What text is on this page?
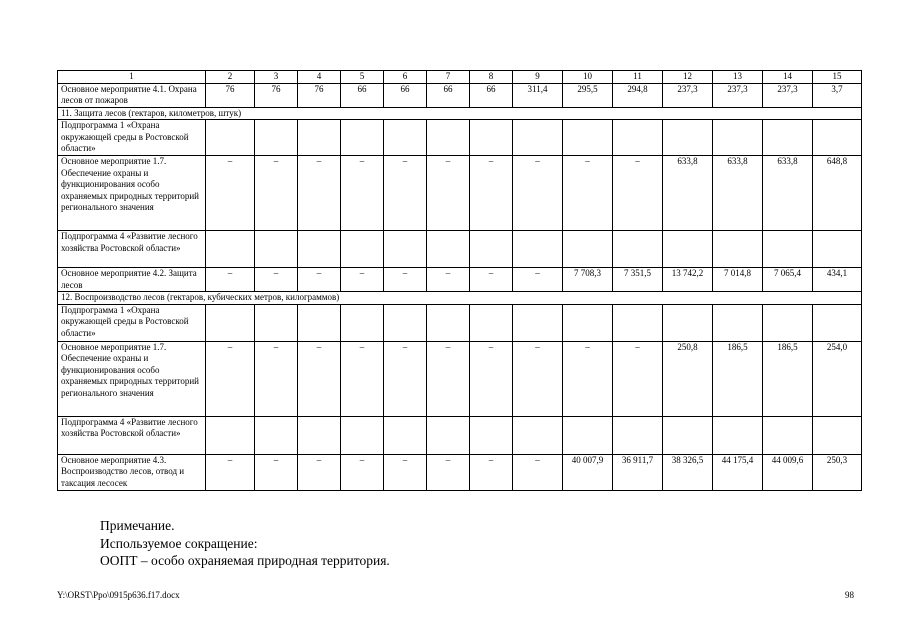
1	2	3	4	5	6	7	8	9	10	11	12	13	14	15
Основное мероприятие 4.1. Охрана лесов от пожаров	76	76	76	66	66	66	66	311,4	295,5	294,8	237,3	237,3	237,3	3,7
11. Защита лесов (гектаров, километров, штук)														
Подпрограмма 1 «Охрана окружающей среды в Ростовской области»														
Основное мероприятие 1.7. Обеспечение охраны и функционирования особо охраняемых природных территорий регионального значения	–	–	–	–	–	–	–	–	–	–	633,8	633,8	633,8	648,8
Подпрограмма 4 «Развитие лесного хозяйства Ростовской области»														
Основное мероприятие 4.2. Защита лесов	–	–	–	–	–	–	–	–	7 708,3	7 351,5	13 742,2	7 014,8	7 065,4	434,1
12. Воспроизводство лесов (гектаров, кубических метров, килограммов)														
Подпрограмма 1 «Охрана окружающей среды в Ростовской области»														
Основное мероприятие 1.7. Обеспечение охраны и функционирования особо охраняемых природных территорий регионального значения	–	–	–	–	–	–	–	–	–	–	250,8	186,5	186,5	254,0
Подпрограмма 4 «Развитие лесного хозяйства Ростовской области»														
Основное мероприятие 4.3. Воспроизводство лесов, отвод и таксация лесосек	–	–	–	–	–	–	–	–	40 007,9	36 911,7	38 326,5	44 175,4	44 009,6	250,3
Примечание.
Используемое сокращение:
ООПТ – особо охраняемая природная территория.
Y:\ORST\Ppo\0915p636.f17.docx	98
